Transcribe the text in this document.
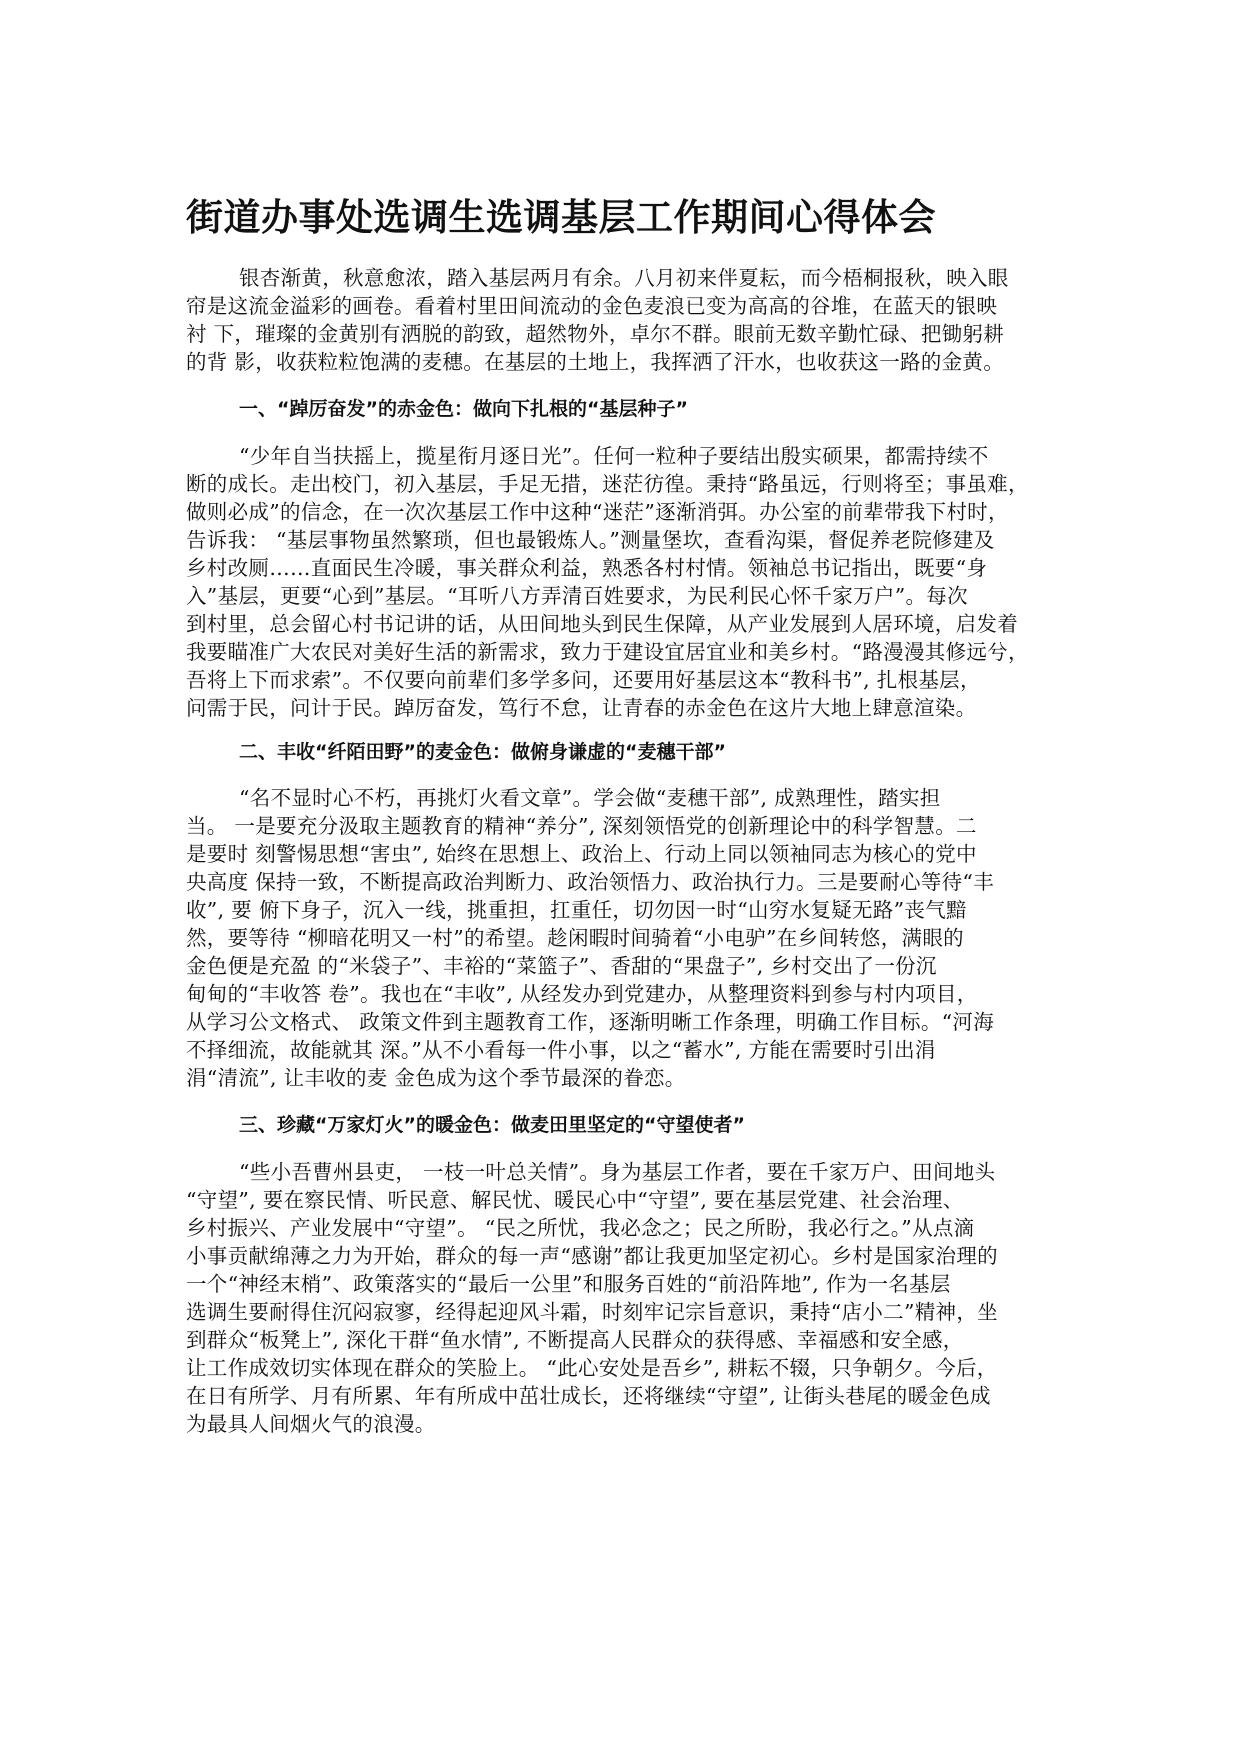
街道办事处选调生选调基层工作期间心得体会

银杏渐黄，秋意愈浓，踏入基层两月有余。八月初来伴夏耘，而今梧桐报秋，映入眼

帘是这流金溢彩的画卷。看着村里田间流动的金色麦浪已变为高高的谷堆，在蓝天的银映

衬 下，璀璨的金黄别有洒脱的韵致，超然物外，卓尔不群。眼前无数辛勤忙碌、把锄躬耕

的背 影，收获粒粒饱满的麦穗。在基层的土地上，我挥洒了汗水，也收获这一路的金黄。

一、“踔厉奋发”的赤金色：做向下扎根的“基层种子”

“少年自当扶摇上，揽星衔月逐日光”。任何一粒种子要结出殷实硕果，都需持续不

断的成长。走出校门，初入基层，手足无措，迷茫彷徨。秉持“路虽远，行则将至；事虽难，

做则必成”的信念，在一次次基层工作中这种“迷茫”逐渐消弭。办公室的前辈带我下村时，

告诉我： “基层事物虽然繁琐，但也最锻炼人。”测量堡坎，查看沟渠，督促养老院修建及

乡村改厕……直面民生冷暖，事关群众利益，熟悉各村村情。领袖总书记指出，既要“身

入”基层，更要“心到”基层。“耳听八方弄清百姓要求，为民利民心怀千家万户”。每次

到村里，总会留心村书记讲的话，从田间地头到民生保障，从产业发展到人居环境，启发着

我要瞄准广大农民对美好生活的新需求，致力于建设宜居宜业和美乡村。“路漫漫其修远兮，

吾将上下而求索”。不仅要向前辈们多学多问，还要用好基层这本“教科书”, 扎根基层，

问需于民，问计于民。踔厉奋发，笃行不怠，让青春的赤金色在这片大地上肆意渲染。

二、丰收“纤陌田野”的麦金色：做俯身谦虚的“麦穗干部”

“名不显时心不朽，再挑灯火看文章”。学会做“麦穗干部”, 成熟理性，踏实担

当。 一是要充分汲取主题教育的精神“养分”, 深刻领悟党的创新理论中的科学智慧。二

是要时 刻警惕思想“害虫”, 始终在思想上、政治上、行动上同以领袖同志为核心的党中

央高度 保持一致，不断提高政治判断力、政治领悟力、政治执行力。三是要耐心等待“丰

收”, 要 俯下身子，沉入一线，挑重担，扛重任，切勿因一时“山穷水复疑无路”丧气黯

然，要等待 “柳暗花明又一村”的希望。趁闲暇时间骑着“小电驴”在乡间转悠，满眼的

金色便是充盈 的“米袋子”、丰裕的“菜篮子”、香甜的“果盘子”, 乡村交出了一份沉

甸甸的“丰收答 卷”。我也在“丰收”, 从经发办到党建办，从整理资料到参与村内项目，

从学习公文格式、 政策文件到主题教育工作，逐渐明晰工作条理，明确工作目标。“河海

不择细流，故能就其 深。”从不小看每一件小事，以之“蓄水”, 方能在需要时引出涓

涓“清流”, 让丰收的麦 金色成为这个季节最深的眷恋。

三、珍藏“万家灯火”的暖金色：做麦田里坚定的“守望使者”

“些小吾曹州县吏， 一枝一叶总关情”。身为基层工作者，要在千家万户、田间地头

“守望”, 要在察民情、听民意、解民忧、暖民心中“守望”, 要在基层党建、社会治理、

乡村振兴、产业发展中“守望”。 “民之所忧，我必念之；民之所盼，我必行之。”从点滴

小事贡献绵薄之力为开始，群众的每一声“感谢”都让我更加坚定初心。乡村是国家治理的

一个“神经末梢”、政策落实的“最后一公里”和服务百姓的“前沿阵地”, 作为一名基层

选调生要耐得住沉闷寂寥，经得起迎风斗霜，时刻牢记宗旨意识，秉持“店小二”精神，坐

到群众“板凳上”, 深化干群“鱼水情”, 不断提高人民群众的获得感、幸福感和安全感，

让工作成效切实体现在群众的笑脸上。 “此心安处是吾乡”, 耕耘不辍，只争朝夕。今后，

在日有所学、月有所累、年有所成中茁壮成长，还将继续“守望”, 让街头巷尾的暖金色成

为最具人间烟火气的浪漫。
